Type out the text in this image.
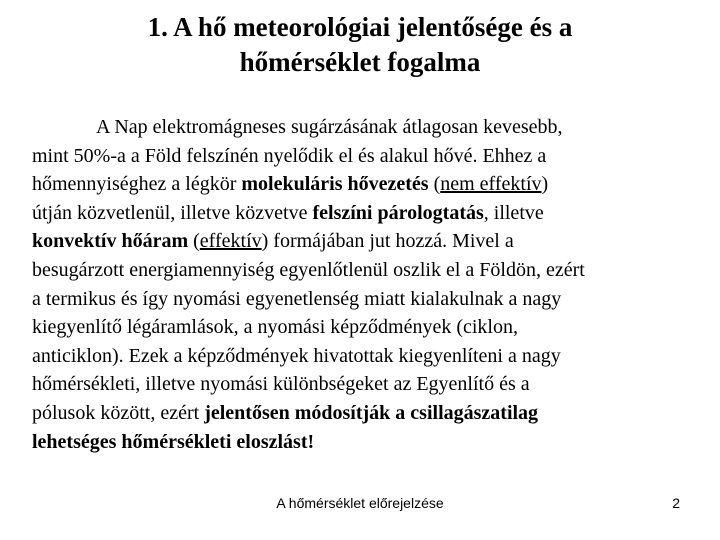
1. A hő meteorológiai jelentősége és a
hőmérséklet fogalma
A Nap elektromágneses sugárzásának átlagosan kevesebb,
mint 50%-a a Föld felszínén nyelődik el és alakul hővé. Ehhez a
hőmennyiséghez a légkör molekuláris hővezetés (nem effektív)
útján közvetlenül, illetve közvetve felszíni párologtatás, illetve
konvektív hőáram (effektív) formájában jut hozzá. Mivel a
besugárzott energiamennyiség egyenlőtlenül oszlik el a Földön, ezért
a termikus és így nyomási egyenetlenség miatt kialakulnak a nagy
kiegyenlítő légáramlások, a nyomási képződmények (ciklon,
anticiklon). Ezek a képződmények hivatottak kiegyenlíteni a nagy
hőmérsékleti, illetve nyomási különbségeket az Egyenlítő és a
pólusok között, ezért jelentősen módosítják a csillagászatilag
lehetséges hőmérsékleti eloszlást!
A hőmérséklet előrejelzése	2
